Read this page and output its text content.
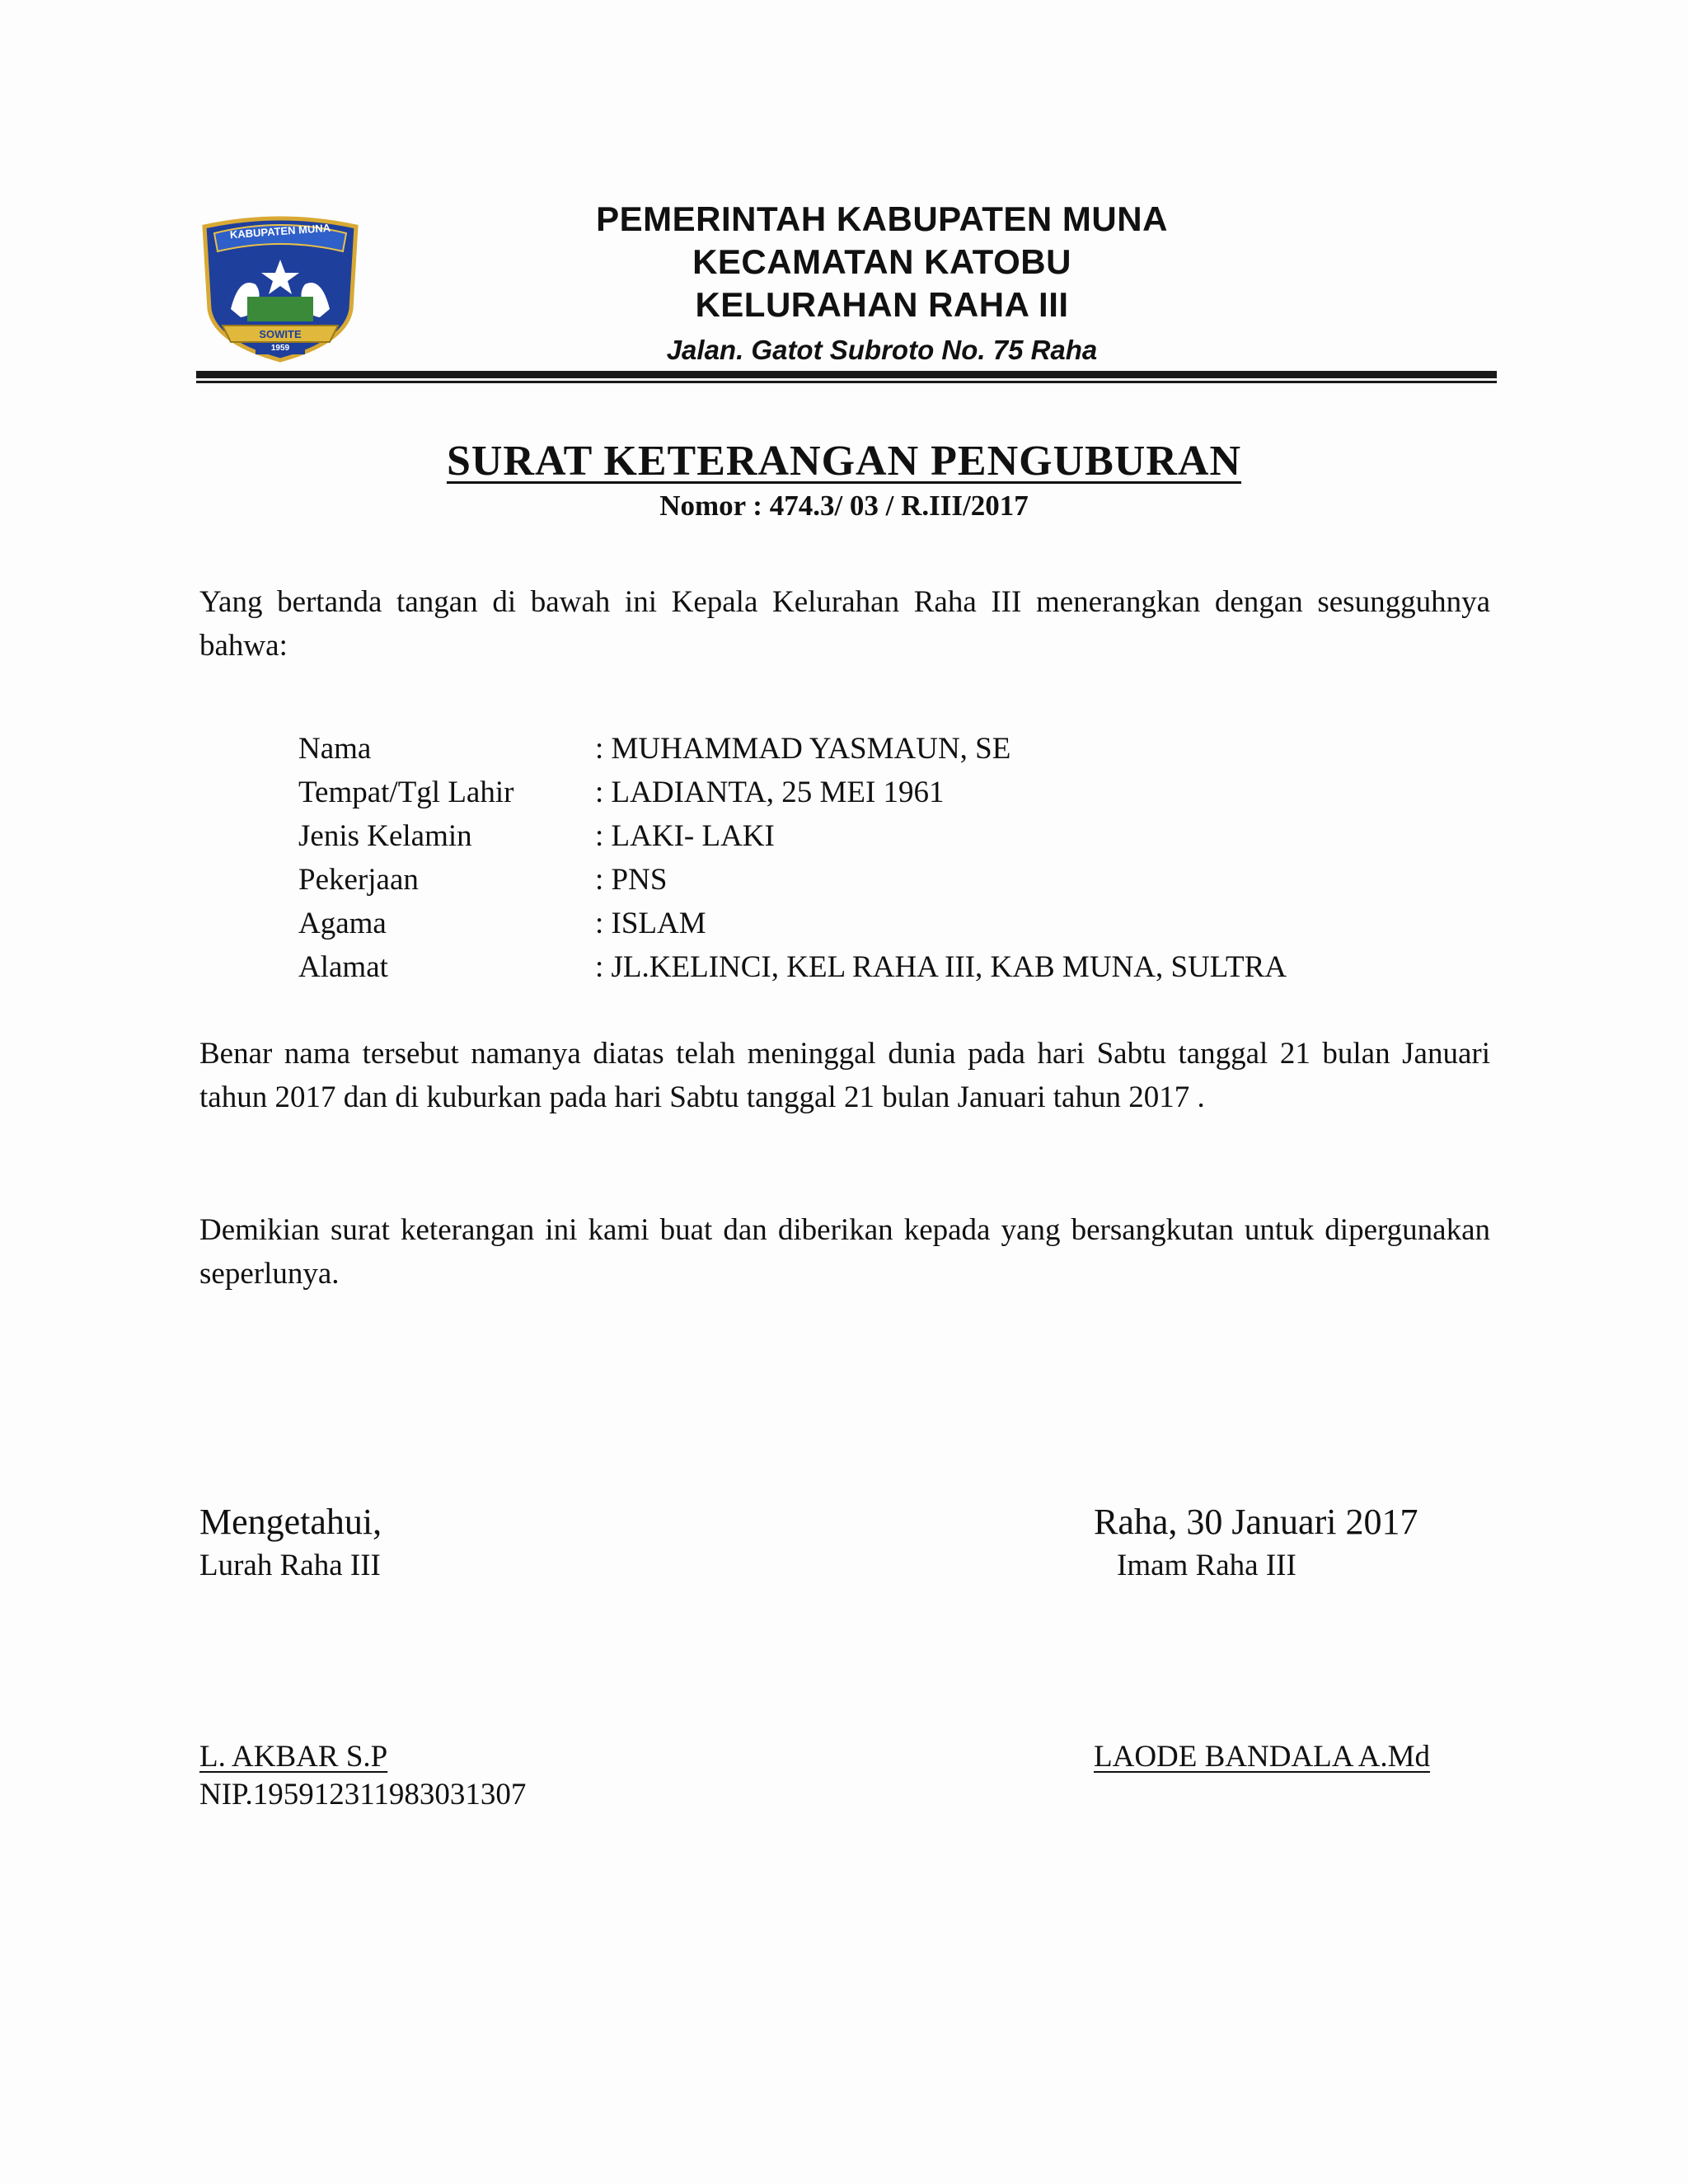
KABUPATEN MUNA
SOWITE
1959
PEMERINTAH KABUPATEN MUNA
KECAMATAN KATOBU
KELURAHAN RAHA III
Jalan. Gatot Subroto No. 75 Raha
SURAT KETERANGAN PENGUBURAN
Nomor : 474.3/ 03 / R.III/2017
Yang bertanda tangan di bawah ini Kepala Kelurahan Raha III menerangkan dengan sesungguhnya bahwa:
Nama	: MUHAMMAD YASMAUN, SE
Tempat/Tgl Lahir	: LADIANTA, 25 MEI 1961
Jenis Kelamin	: LAKI- LAKI
Pekerjaan	: PNS
Agama	: ISLAM
Alamat	: JL.KELINCI, KEL RAHA III, KAB MUNA, SULTRA
Benar nama tersebut namanya diatas telah meninggal dunia pada hari Sabtu tanggal 21 bulan Januari tahun 2017 dan di kuburkan pada hari Sabtu tanggal 21 bulan Januari tahun 2017 .
Demikian surat keterangan ini kami buat dan diberikan kepada yang bersangkutan untuk dipergunakan seperlunya.
Mengetahui,
Lurah Raha III
L. AKBAR S.P
NIP.195912311983031307
Raha, 30 Januari 2017
Imam Raha III
LAODE BANDALA A.Md
